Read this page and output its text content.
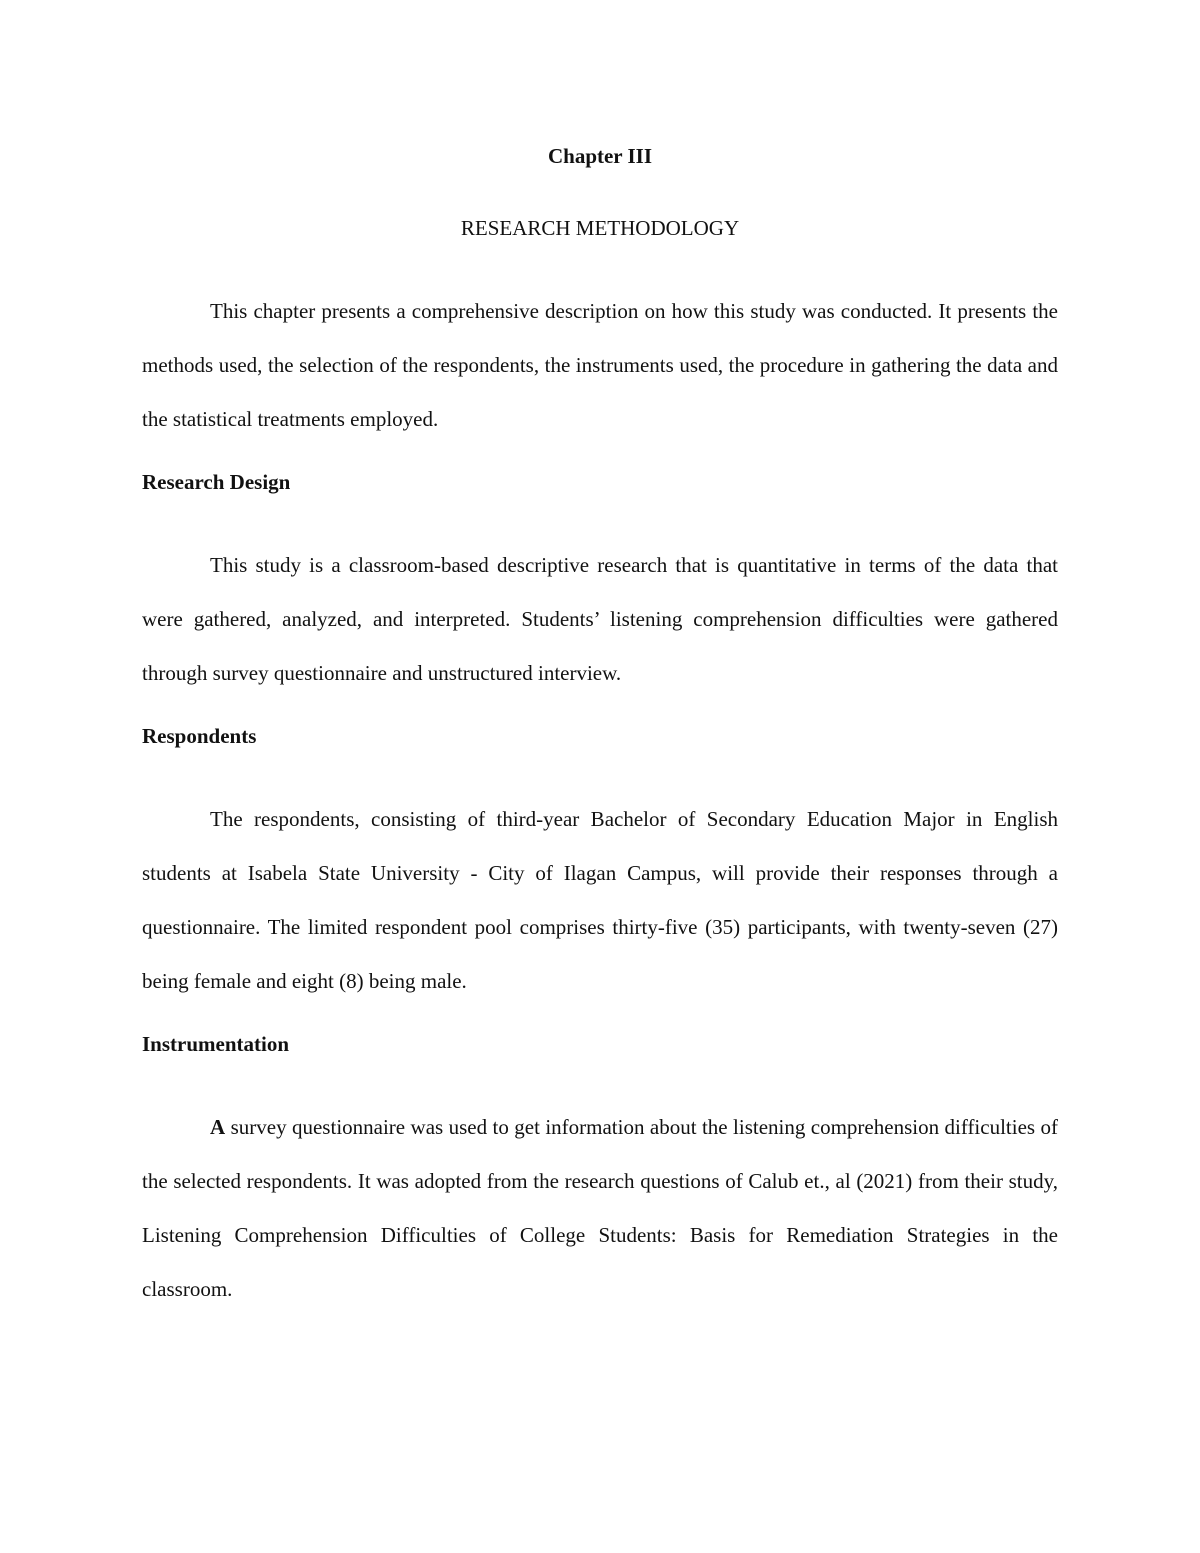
Chapter III
RESEARCH METHODOLOGY

This chapter presents a comprehensive description on how this study was conducted. It presents the methods used, the selection of the respondents, the instruments used, the procedure in gathering the data and the statistical treatments employed.

Research Design

This study is a classroom-based descriptive research that is quantitative in terms of the data that were gathered, analyzed, and interpreted. Students’ listening comprehension difficulties were gathered through survey questionnaire and unstructured interview.

Respondents

The respondents, consisting of third-year Bachelor of Secondary Education Major in English students at Isabela State University - City of Ilagan Campus, will provide their responses through a questionnaire. The limited respondent pool comprises thirty-five (35) participants, with twenty-seven (27) being female and eight (8) being male.

Instrumentation

A survey questionnaire was used to get information about the listening comprehension difficulties of the selected respondents. It was adopted from the research questions of Calub et., al (2021) from their study, Listening Comprehension Difficulties of College Students: Basis for Remediation Strategies in the classroom.
